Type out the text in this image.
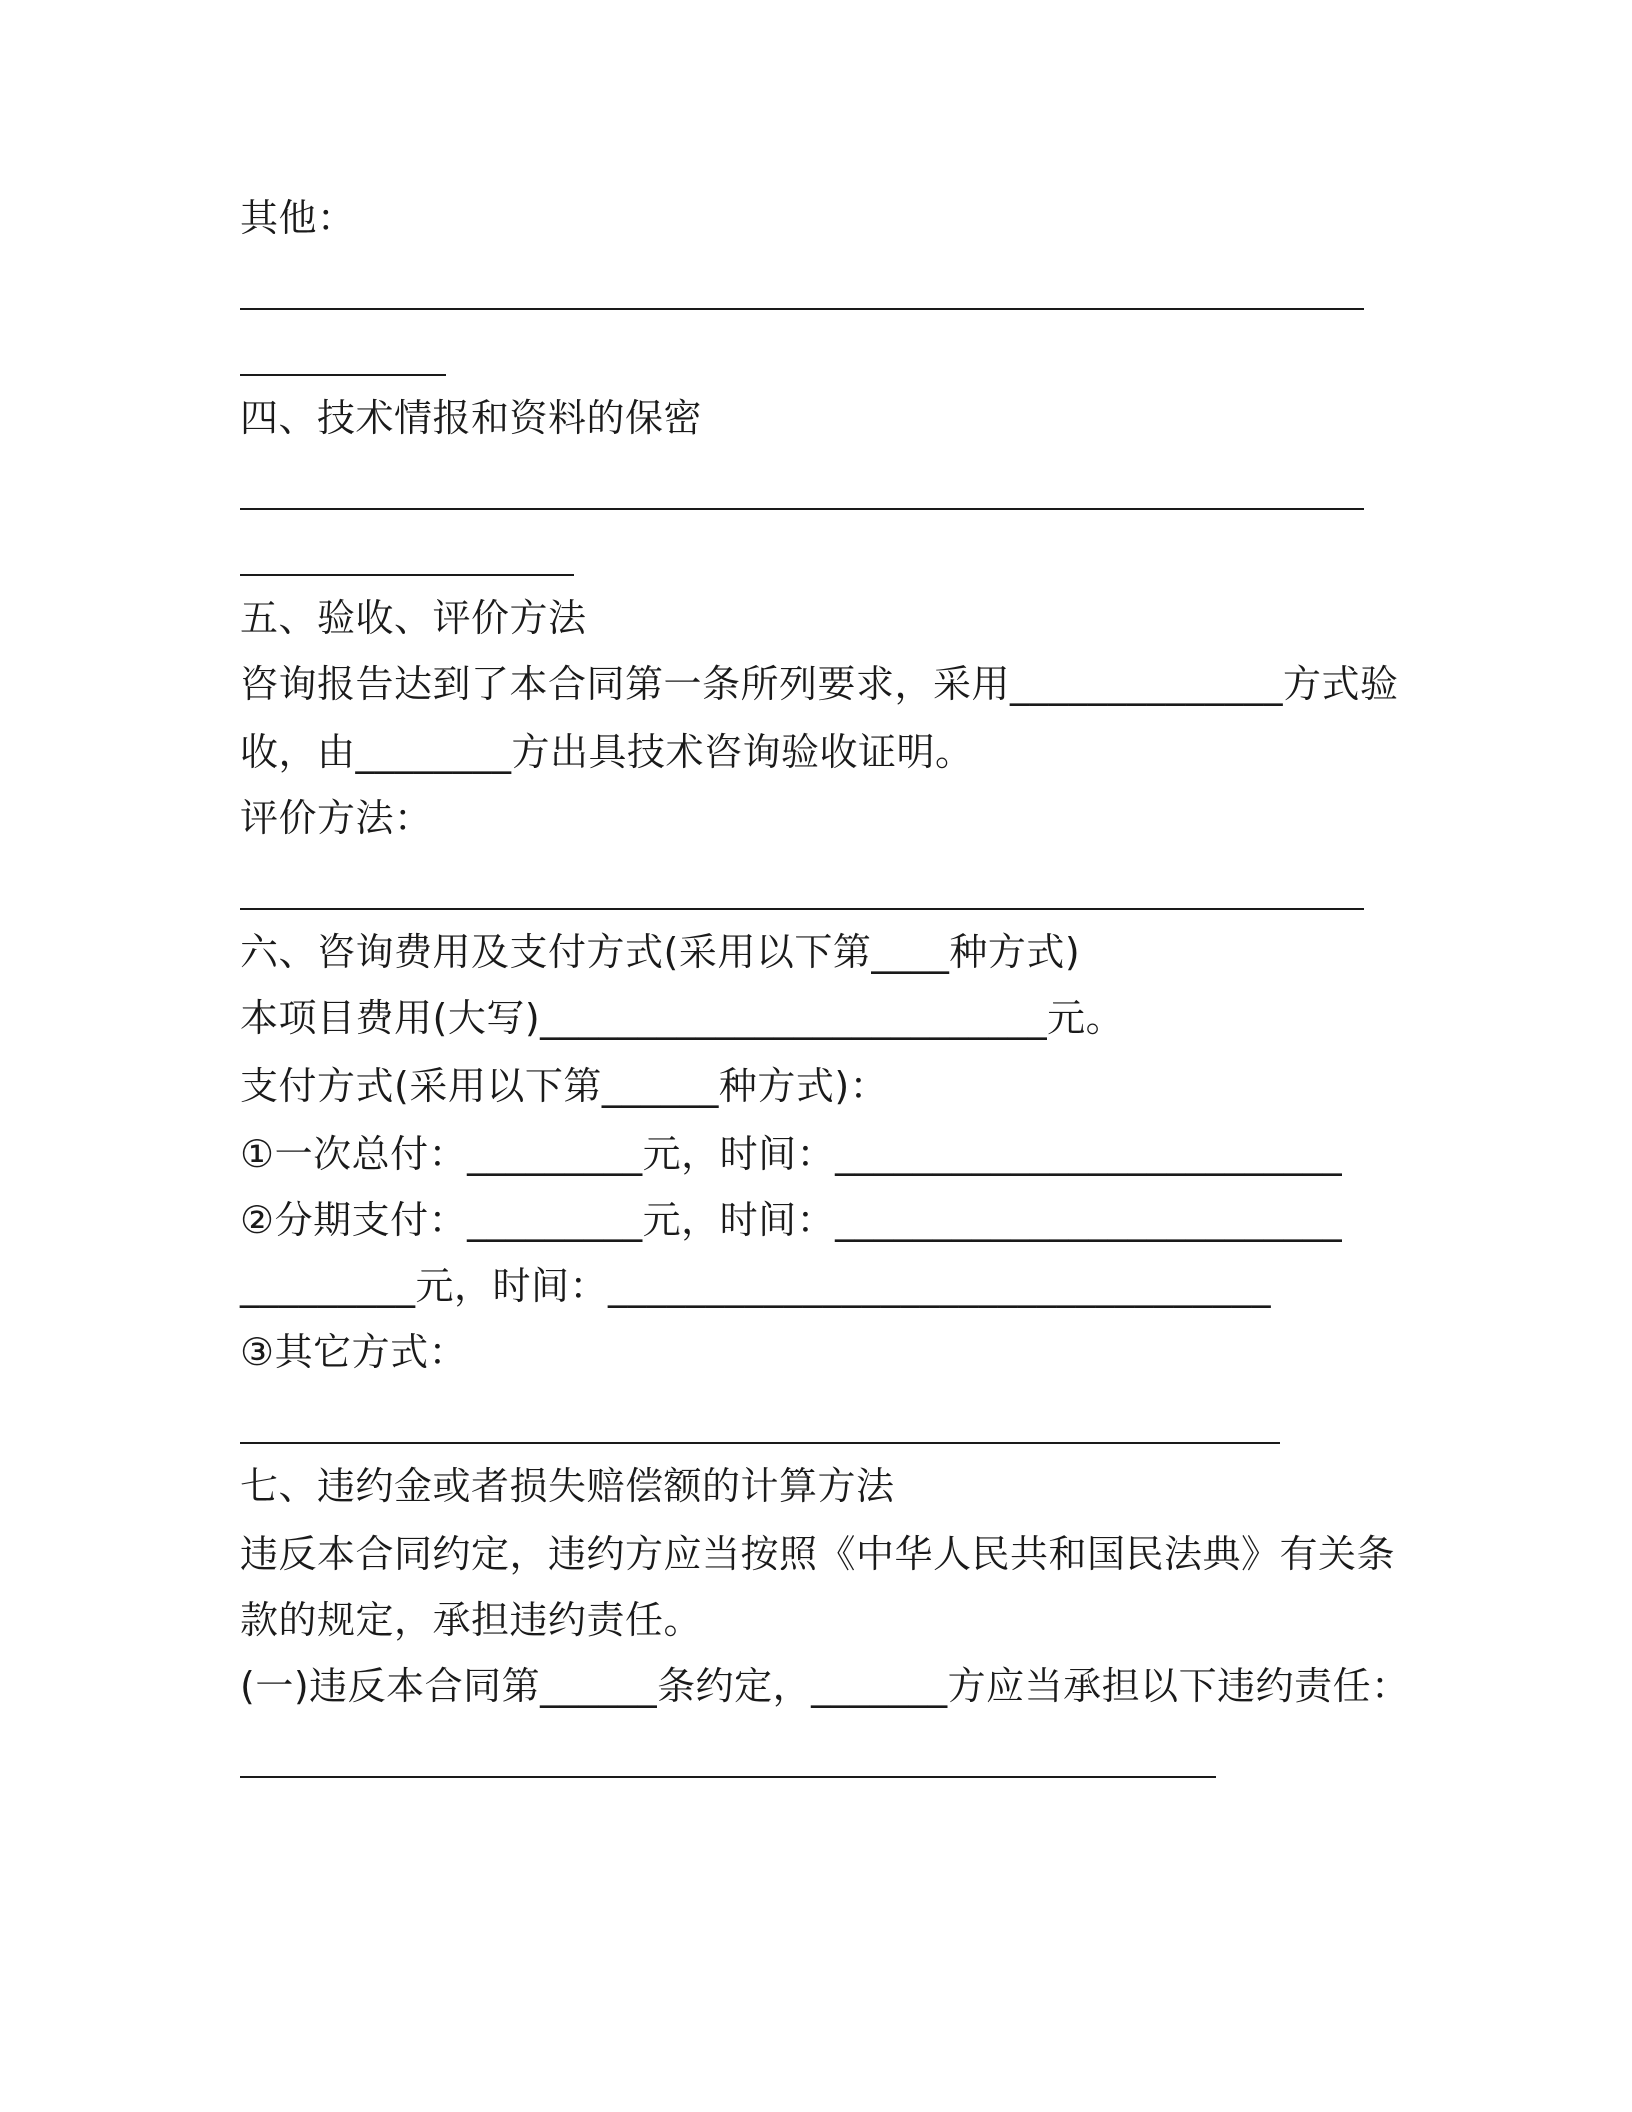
其他：
四、技术情报和资料的保密
五、验收、评价方法
咨询报告达到了本合同第一条所列要求，采用______________方式验
收，由________方出具技术咨询验收证明。
评价方法：
六、咨询费用及支付方式(采用以下第____种方式)
本项目费用(大写)__________________________元。
支付方式(采用以下第______种方式)：
①一次总付：_________元，时间：__________________________
②分期支付：_________元，时间：__________________________
_________元，时间：__________________________________
③其它方式：
七、违约金或者损失赔偿额的计算方法
违反本合同约定，违约方应当按照《中华人民共和国民法典》有关条
款的规定，承担违约责任。
(一)违反本合同第______条约定，_______方应当承担以下违约责任：
